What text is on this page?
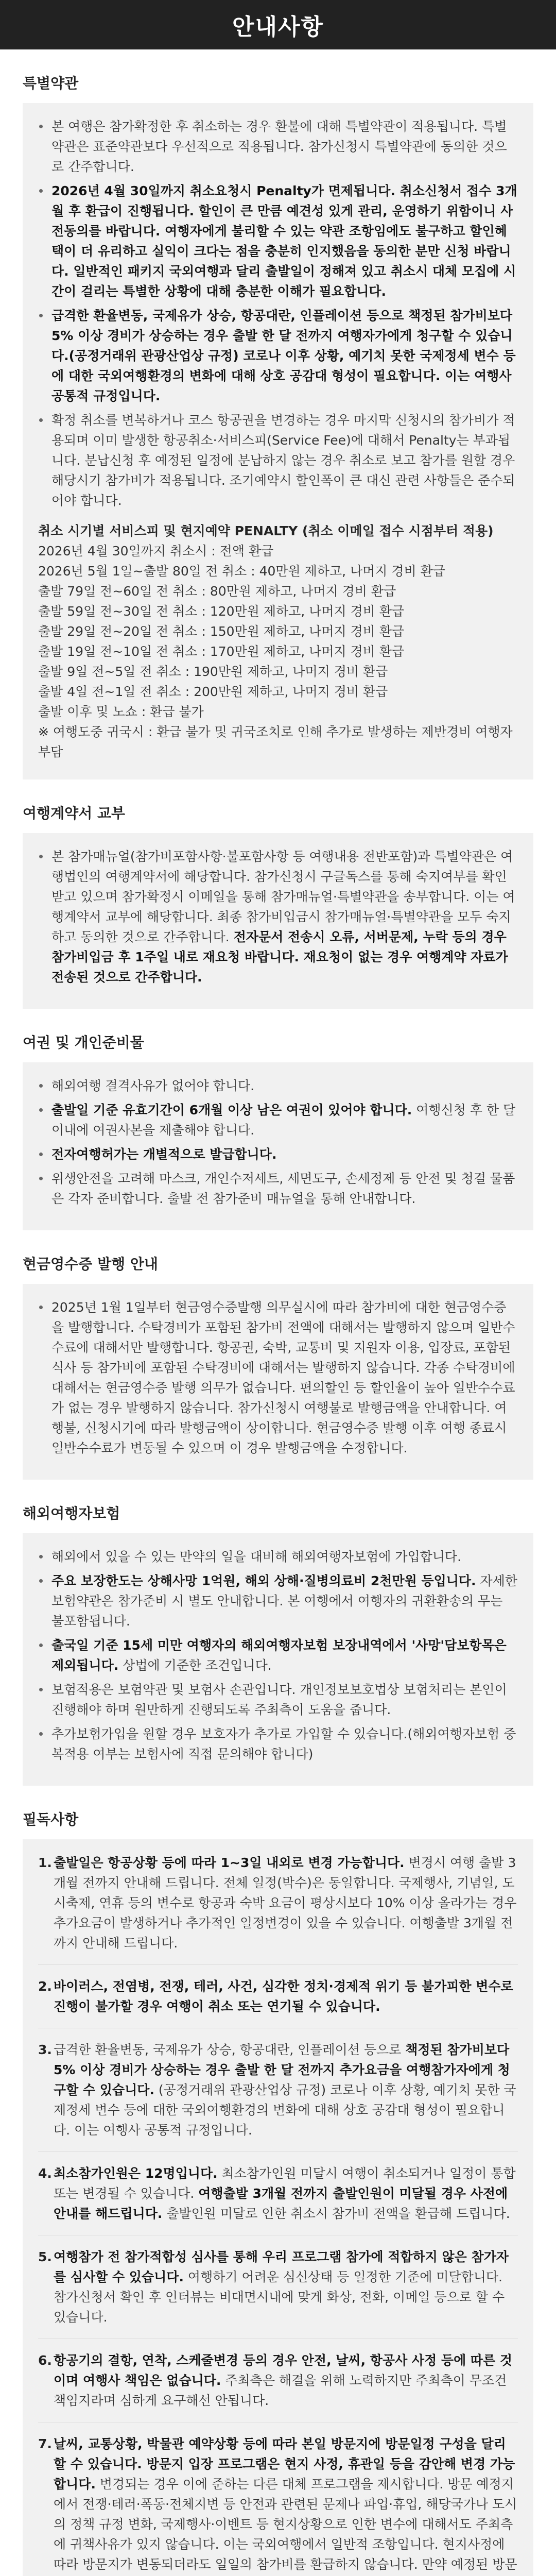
안내사항
특별약관
본 여행은 참가확정한 후 취소하는 경우 환불에 대해 특별약관이 적용됩니다. 특별약관은 표준약관보다 우선적으로 적용됩니다. 참가신청시 특별약관에 동의한 것으로 간주합니다.
2026년 4월 30일까지 취소요청시 Penalty가 면제됩니다. 취소신청서 접수 3개월 후 환급이 진행됩니다. 할인이 큰 만큼 예견성 있게 관리, 운영하기 위함이니 사전동의를 바랍니다. 여행자에게 불리할 수 있는 약관 조항임에도 불구하고 할인혜택이 더 유리하고 실익이 크다는 점을 충분히 인지했음을 동의한 분만 신청 바랍니다. 일반적인 패키지 국외여행과 달리 출발일이 정해져 있고 취소시 대체 모집에 시간이 걸리는 특별한 상황에 대해 충분한 이해가 필요합니다.
급격한 환율변동, 국제유가 상승, 항공대란, 인플레이션 등으로 책정된 참가비보다 5% 이상 경비가 상승하는 경우 출발 한 달 전까지 여행자가에게 청구할 수 있습니다.(공정거래위 관광산업상 규정) 코로나 이후 상황, 예기치 못한 국제정세 변수 등에 대한 국외여행환경의 변화에 대해 상호 공감대 형성이 필요합니다. 이는 여행사 공통적 규정입니다.
확정 취소를 변복하거나 코스 항공권을 변경하는 경우 마지막 신청시의 참가비가 적용되며 이미 발생한 항공취소·서비스피(Service Fee)에 대해서 Penalty는 부과됩니다. 분납신청 후 예정된 일정에 분납하지 않는 경우 취소로 보고 참가를 원할 경우 해당시기 참가비가 적용됩니다. 조기예약시 할인폭이 큰 대신 관련 사항들은 준수되어야 합니다.
취소 시기별 서비스피 및 현지예약 PENALTY (취소 이메일 접수 시점부터 적용)

2026년 4월 30일까지 취소시 : 전액 환급

2026년 5월 1일~출발 80일 전 취소 : 40만원 제하고, 나머지 경비 환급

출발 79일 전~60일 전 취소 : 80만원 제하고, 나머지 경비 환급

출발 59일 전~30일 전 취소 : 120만원 제하고, 나머지 경비 환급

출발 29일 전~20일 전 취소 : 150만원 제하고, 나머지 경비 환급

출발 19일 전~10일 전 취소 : 170만원 제하고, 나머지 경비 환급

출발 9일 전~5일 전 취소 : 190만원 제하고, 나머지 경비 환급

출발 4일 전~1일 전 취소 : 200만원 제하고, 나머지 경비 환급

출발 이후 및 노쇼 : 환급 불가

※ 여행도중 귀국시 : 환급 불가 및 귀국조치로 인해 추가로 발생하는 제반경비 여행자 부담

여행계약서 교부
본 참가매뉴얼(참가비포함사항·불포함사항 등 여행내용 전반포함)과 특별약관은 여행법인의 여행계약서에 해당합니다. 참가신청시 구글독스를 통해 숙지여부를 확인받고 있으며 참가확정시 이메일을 통해 참가매뉴얼·특별약관을 송부합니다. 이는 여행계약서 교부에 해당합니다. 최종 참가비입금시 참가매뉴얼·특별약관을 모두 숙지하고 동의한 것으로 간주합니다. 전자문서 전송시 오류, 서버문제, 누락 등의 경우 참가비입금 후 1주일 내로 재요청 바랍니다. 재요청이 없는 경우 여행계약 자료가 전송된 것으로 간주합니다.
여권 및 개인준비물
해외여행 결격사유가 없어야 합니다.
출발일 기준 유효기간이 6개월 이상 남은 여권이 있어야 합니다. 여행신청 후 한 달 이내에 여권사본을 제출해야 합니다.
전자여행허가는 개별적으로 발급합니다.
위생안전을 고려해 마스크, 개인수저세트, 세면도구, 손세정제 등 안전 및 청결 물품은 각자 준비합니다. 출발 전 참가준비 매뉴얼을 통해 안내합니다.
현금영수증 발행 안내
2025년 1월 1일부터 현금영수증발행 의무실시에 따라 참가비에 대한 현금영수증을 발행합니다. 수탁경비가 포함된 참가비 전액에 대해서는 발행하지 않으며 일반수수료에 대해서만 발행합니다. 항공권, 숙박, 교통비 및 지원자 이용, 입장료, 포함된 식사 등 참가비에 포함된 수탁경비에 대해서는 발행하지 않습니다. 각종 수탁경비에 대해서는 현금영수증 발행 의무가 없습니다. 편의할인 등 할인율이 높아 일반수수료가 없는 경우 발행하지 않습니다. 참가신청시 여행불로 발행금액을 안내합니다. 여행불, 신청시기에 따라 발행금액이 상이합니다. 현금영수증 발행 이후 여행 종료시 일반수수료가 변동될 수 있으며 이 경우 발행금액을 수정합니다.
해외여행자보험
해외에서 있을 수 있는 만약의 일을 대비해 해외여행자보험에 가입합니다.
주요 보장한도는 상해사망 1억원, 해외 상해·질병의료비 2천만원 등입니다. 자세한 보험약관은 참가준비 시 별도 안내합니다. 본 여행에서 여행자의 귀환환송의 무는 불포함됩니다.
출국일 기준 15세 미만 여행자의 해외여행자보험 보장내역에서 '사망'담보항목은 제외됩니다. 상법에 기준한 조건입니다.
보험적용은 보험약관 및 보험사 손관입니다. 개인정보보호법상 보험처리는 본인이 진행해야 하며 원만하게 진행되도록 주최측이 도움을 줍니다.
추가보험가입을 원할 경우 보호자가 추가로 가입할 수 있습니다.(해외여행자보험 중복적용 여부는 보험사에 직접 문의해야 합니다)
필독사항
1. 출발일은 항공상황 등에 따라 1~3일 내외로 변경 가능합니다. 변경시 여행 출발 3개월 전까지 안내해 드립니다. 전체 일정(박수)은 동일합니다. 국제행사, 기념일, 도시축제, 연휴 등의 변수로 항공과 숙박 요금이 평상시보다 10% 이상 올라가는 경우 추가요금이 발생하거나 추가적인 일정변경이 있을 수 있습니다. 여행출발 3개월 전까지 안내해 드립니다.
2. 바이러스, 전염병, 전쟁, 테러, 사건, 심각한 정치·경제적 위기 등 불가피한 변수로 진행이 불가할 경우 여행이 취소 또는 연기될 수 있습니다.
3. 급격한 환율변동, 국제유가 상승, 항공대란, 인플레이션 등으로 책정된 참가비보다 5% 이상 경비가 상승하는 경우 출발 한 달 전까지 추가요금을 여행참가자에게 청구할 수 있습니다. (공정거래위 관광산업상 규정) 코로나 이후 상황, 예기치 못한 국제정세 변수 등에 대한 국외여행환경의 변화에 대해 상호 공감대 형성이 필요합니다. 이는 여행사 공통적 규정입니다.
4. 최소참가인원은 12명입니다. 최소참가인원 미달시 여행이 취소되거나 일정이 통합 또는 변경될 수 있습니다. 여행출발 3개월 전까지 출발인원이 미달될 경우 사전에 안내를 해드립니다. 출발인원 미달로 인한 취소시 참가비 전액을 환급해 드립니다.
5. 여행참가 전 참가적합성 심사를 통해 우리 프로그램 참가에 적합하지 않은 참가자를 심사할 수 있습니다. 여행하기 어려운 심신상태 등 일정한 기준에 미달합니다. 참가신청서 확인 후 인터뷰는 비대면시내에 맞게 화상, 전화, 이메일 등으로 할 수 있습니다.
6. 항공기의 결항, 연착, 스케줄변경 등의 경우 안전, 날씨, 항공사 사정 등에 따른 것이며 여행사 책임은 없습니다. 주최측은 해결을 위해 노력하지만 주최측이 무조건 책임지라며 심하게 요구해선 안됩니다.
7. 날씨, 교통상황, 박물관 예약상황 등에 따라 본일 방문지에 방문일정 구성을 달리할 수 있습니다. 방문지 입장 프로그램은 현지 사정, 휴관일 등을 감안해 변경 가능합니다. 변경되는 경우 이에 준하는 다른 대체 프로그램을 제시합니다. 방문 예정지에서 전쟁·테러·폭동·전체지변 등 안전과 관련된 문제나 파업·휴업, 해당국가나 도시의 정책 규정 변화, 국제행사·이벤트 등 현지상황으로 인한 변수에 대해서도 주최측에 귀책사유가 있지 않습니다. 이는 국외여행에서 일반적 조항입니다. 현지사정에 따라 방문지가 변동되더라도 일일의 참가비를 환급하지 않습니다. 만약 예정된 방문
